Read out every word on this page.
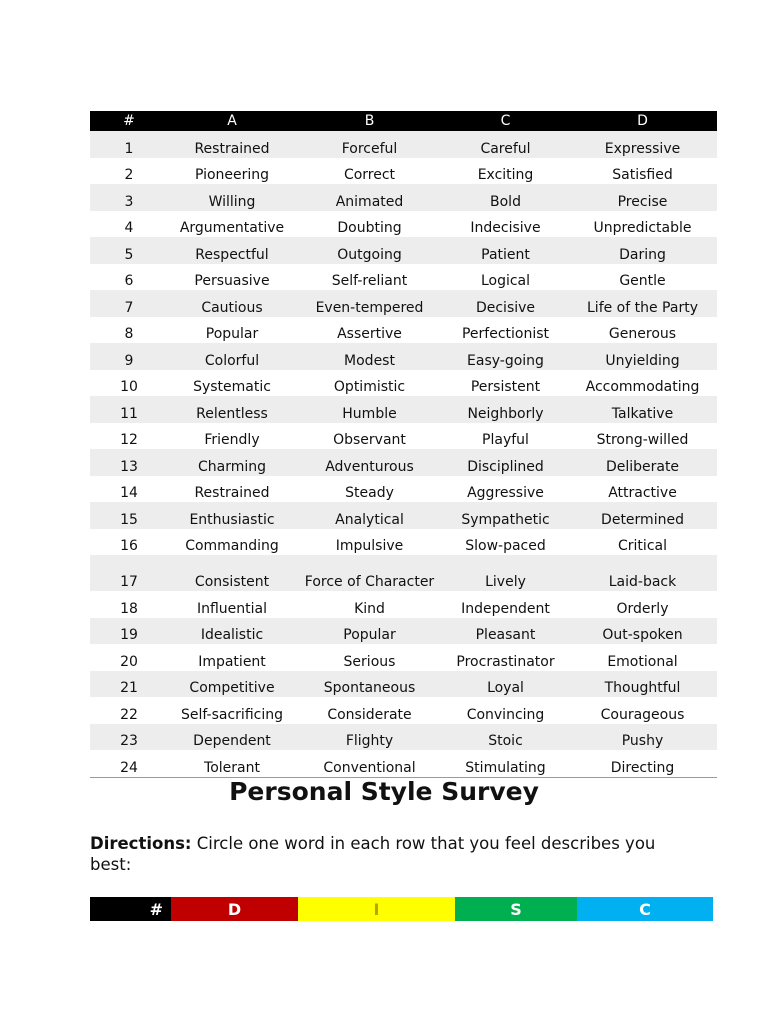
#	A	B	C	D
1	Restrained	Forceful	Careful	Expressive
2	Pioneering	Correct	Exciting	Satisfied
3	Willing	Animated	Bold	Precise
4	Argumentative	Doubting	Indecisive	Unpredictable
5	Respectful	Outgoing	Patient	Daring
6	Persuasive	Self-reliant	Logical	Gentle
7	Cautious	Even-tempered	Decisive	Life of the Party
8	Popular	Assertive	Perfectionist	Generous
9	Colorful	Modest	Easy-going	Unyielding
10	Systematic	Optimistic	Persistent	Accommodating
11	Relentless	Humble	Neighborly	Talkative
12	Friendly	Observant	Playful	Strong-willed
13	Charming	Adventurous	Disciplined	Deliberate
14	Restrained	Steady	Aggressive	Attractive
15	Enthusiastic	Analytical	Sympathetic	Determined
16	Commanding	Impulsive	Slow-paced	Critical
17	Consistent	Force of Character	Lively	Laid-back
18	Influential	Kind	Independent	Orderly
19	Idealistic	Popular	Pleasant	Out-spoken
20	Impatient	Serious	Procrastinator	Emotional
21	Competitive	Spontaneous	Loyal	Thoughtful
22	Self-sacrificing	Considerate	Convincing	Courageous
23	Dependent	Flighty	Stoic	Pushy
24	Tolerant	Conventional	Stimulating	Directing
Personal Style Survey

Directions: Circle one word in each row that you feel describes you best:

#	D	I	S	C
